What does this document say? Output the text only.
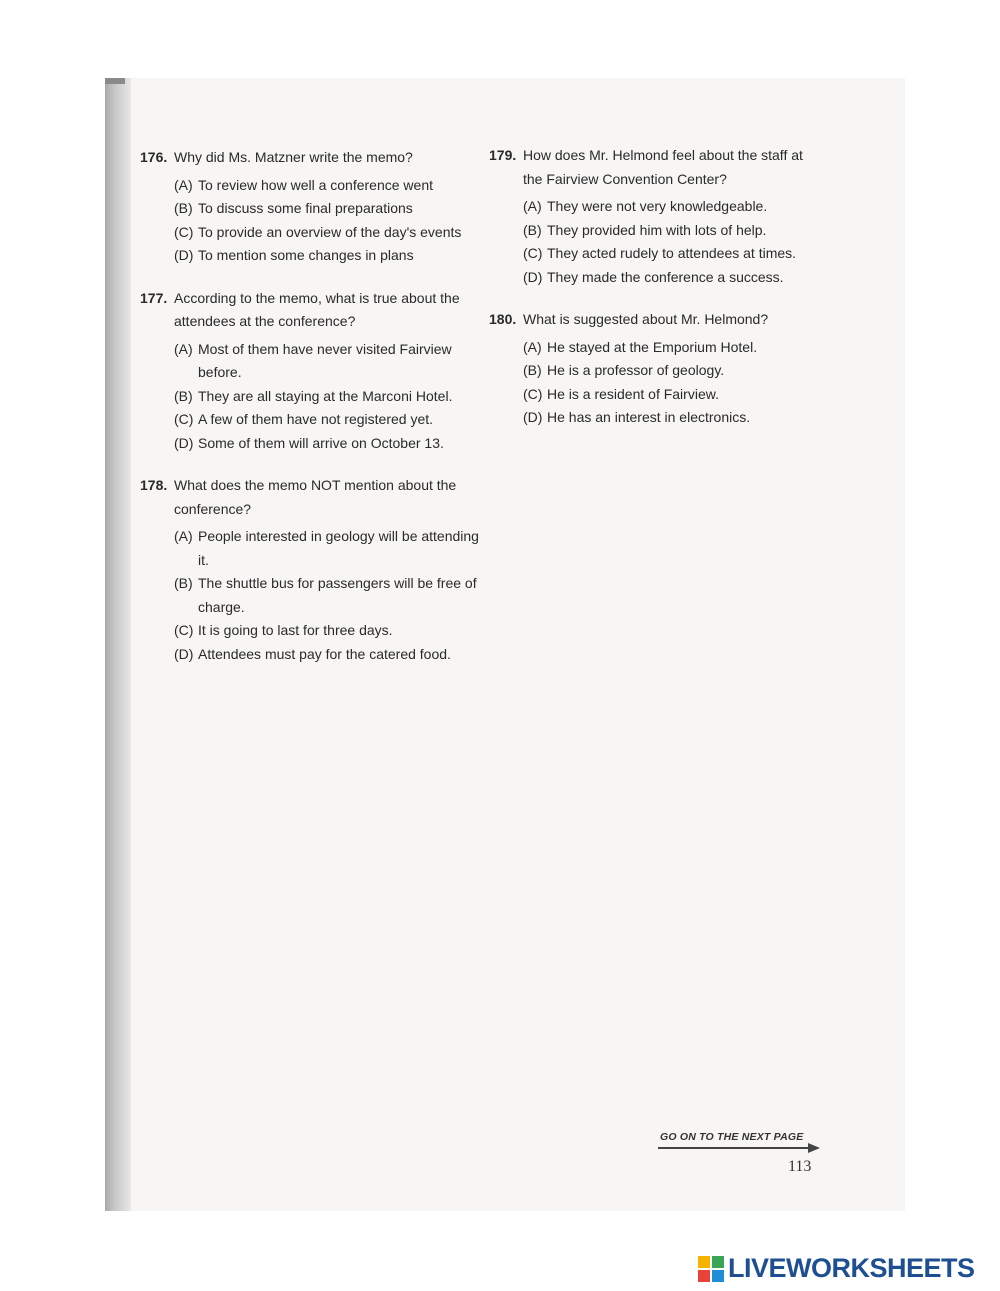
176. Why did Ms. Matzner write the memo?
(A) To review how well a conference went
(B) To discuss some final preparations
(C) To provide an overview of the day's events
(D) To mention some changes in plans
177. According to the memo, what is true about the attendees at the conference?
(A) Most of them have never visited Fairview before.
(B) They are all staying at the Marconi Hotel.
(C) A few of them have not registered yet.
(D) Some of them will arrive on October 13.
178. What does the memo NOT mention about the conference?
(A) People interested in geology will be attending it.
(B) The shuttle bus for passengers will be free of charge.
(C) It is going to last for three days.
(D) Attendees must pay for the catered food.
179. How does Mr. Helmond feel about the staff at the Fairview Convention Center?
(A) They were not very knowledgeable.
(B) They provided him with lots of help.
(C) They acted rudely to attendees at times.
(D) They made the conference a success.
180. What is suggested about Mr. Helmond?
(A) He stayed at the Emporium Hotel.
(B) He is a professor of geology.
(C) He is a resident of Fairview.
(D) He has an interest in electronics.
GO ON TO THE NEXT PAGE
113
LIVEWORKSHEETS
